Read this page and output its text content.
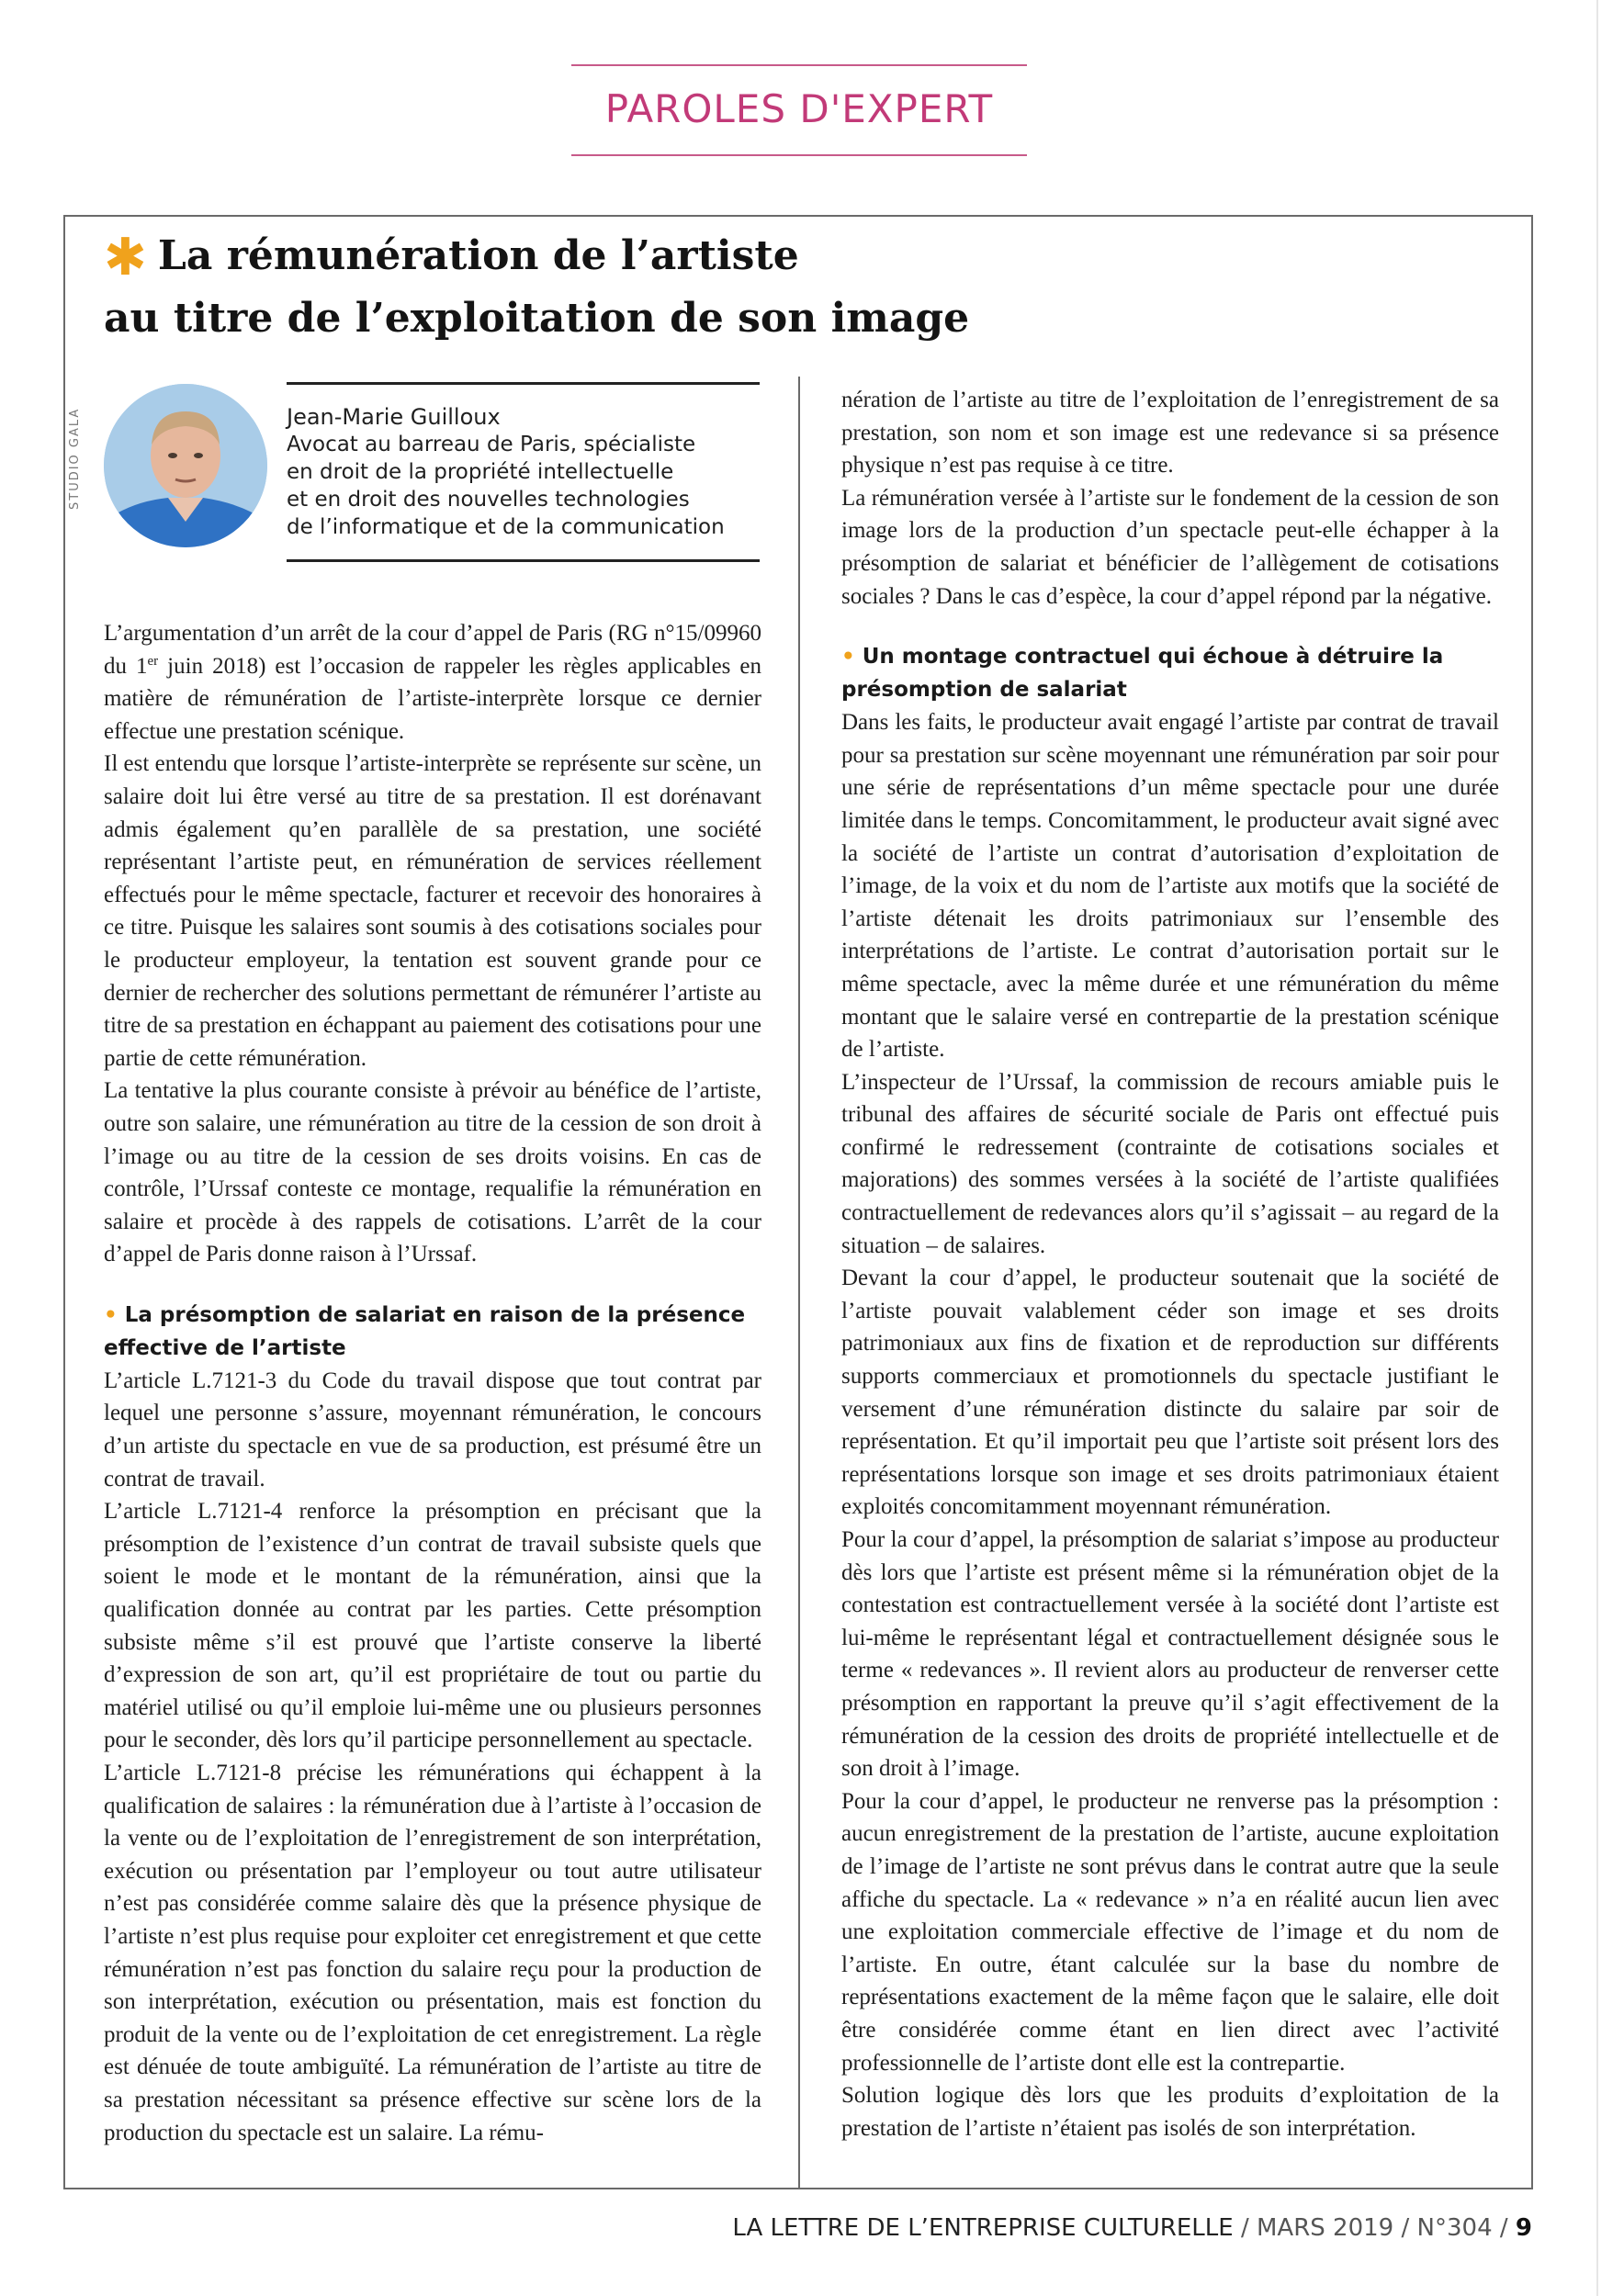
PAROLES D'EXPERT
✱ La rémunération de l’artiste
au titre de l’exploitation de son image
STUDIO GALA	Jean-Marie Guilloux
Avocat au barreau de Paris, spécialiste
en droit de la propriété intellectuelle
et en droit des nouvelles technologies
de l’informatique et de la communication

L’argumentation d’un arrêt de la cour d’appel de Paris (RG n°15/09960 du 1er juin 2018) est l’occasion de rappeler les règles applicables en matière de rémunération de l’artiste-interprète lorsque ce dernier effectue une prestation scénique.

Il est entendu que lorsque l’artiste-interprète se représente sur scène, un salaire doit lui être versé au titre de sa prestation. Il est dorénavant admis également qu’en parallèle de sa prestation, une société représentant l’artiste peut, en rémunération de services réellement effectués pour le même spectacle, facturer et recevoir des honoraires à ce titre. Puisque les salaires sont soumis à des cotisations sociales pour le producteur employeur, la tentation est souvent grande pour ce dernier de rechercher des solutions permettant de rémunérer l’artiste au titre de sa prestation en échappant au paiement des cotisations pour une partie de cette rémunération.

La tentative la plus courante consiste à prévoir au bénéfice de l’artiste, outre son salaire, une rémunération au titre de la cession de son droit à l’image ou au titre de la cession de ses droits voisins. En cas de contrôle, l’Urssaf conteste ce montage, requalifie la rémunération en salaire et procède à des rappels de cotisations. L’arrêt de la cour d’appel de Paris donne raison à l’Urssaf.

• La présomption de salariat en raison de la présence effective de l’artiste

L’article L.7121-3 du Code du travail dispose que tout contrat par lequel une personne s’assure, moyennant rémunération, le concours d’un artiste du spectacle en vue de sa production, est présumé être un contrat de travail.

L’article L.7121-4 renforce la présomption en précisant que la présomption de l’existence d’un contrat de travail subsiste quels que soient le mode et le montant de la rémunération, ainsi que la qualification donnée au contrat par les parties. Cette présomption subsiste même s’il est prouvé que l’artiste conserve la liberté d’expression de son art, qu’il est propriétaire de tout ou partie du matériel utilisé ou qu’il emploie lui-même une ou plusieurs personnes pour le seconder, dès lors qu’il participe personnellement au spectacle.

L’article L.7121-8 précise les rémunérations qui échappent à la qualification de salaires : la rémunération due à l’artiste à l’occasion de la vente ou de l’exploitation de l’enregistrement de son interprétation, exécution ou présentation par l’employeur ou tout autre utilisateur n’est pas considérée comme salaire dès que la présence physique de l’artiste n’est plus requise pour exploiter cet enregistrement et que cette rémunération n’est pas fonction du salaire reçu pour la production de son interprétation, exécution ou présentation, mais est fonction du produit de la vente ou de l’exploitation de cet enregistrement. La règle est dénuée de toute ambiguïté. La rémunération de l’artiste au titre de sa prestation nécessitant sa présence effective sur scène lors de la production du spectacle est un salaire. La rému-

nération de l’artiste au titre de l’exploitation de l’enregistrement de sa prestation, son nom et son image est une redevance si sa présence physique n’est pas requise à ce titre.

La rémunération versée à l’artiste sur le fondement de la cession de son image lors de la production d’un spectacle peut-elle échapper à la présomption de salariat et bénéficier de l’allègement de cotisations sociales ? Dans le cas d’espèce, la cour d’appel répond par la négative.

• Un montage contractuel qui échoue à détruire la présomption de salariat

Dans les faits, le producteur avait engagé l’artiste par contrat de travail pour sa prestation sur scène moyennant une rémunération par soir pour une série de représentations d’un même spectacle pour une durée limitée dans le temps. Concomitamment, le producteur avait signé avec la société de l’artiste un contrat d’autorisation d’exploitation de l’image, de la voix et du nom de l’artiste aux motifs que la société de l’artiste détenait les droits patrimoniaux sur l’ensemble des interprétations de l’artiste. Le contrat d’autorisation portait sur le même spectacle, avec la même durée et une rémunération du même montant que le salaire versé en contrepartie de la prestation scénique de l’artiste.

L’inspecteur de l’Urssaf, la commission de recours amiable puis le tribunal des affaires de sécurité sociale de Paris ont effectué puis confirmé le redressement (contrainte de cotisations sociales et majorations) des sommes versées à la société de l’artiste qualifiées contractuellement de redevances alors qu’il s’agissait – au regard de la situation – de salaires.

Devant la cour d’appel, le producteur soutenait que la société de l’artiste pouvait valablement céder son image et ses droits patrimoniaux aux fins de fixation et de reproduction sur différents supports commerciaux et promotionnels du spectacle justifiant le versement d’une rémunération distincte du salaire par soir de représentation. Et qu’il importait peu que l’artiste soit présent lors des représentations lorsque son image et ses droits patrimoniaux étaient exploités concomitamment moyennant rémunération.

Pour la cour d’appel, la présomption de salariat s’impose au producteur dès lors que l’artiste est présent même si la rémunération objet de la contestation est contractuellement versée à la société dont l’artiste est lui-même le représentant légal et contractuellement désignée sous le terme « redevances ». Il revient alors au producteur de renverser cette présomption en rapportant la preuve qu’il s’agit effectivement de la rémunération de la cession des droits de propriété intellectuelle et de son droit à l’image.

Pour la cour d’appel, le producteur ne renverse pas la présomption : aucun enregistrement de la prestation de l’artiste, aucune exploitation de l’image de l’artiste ne sont prévus dans le contrat autre que la seule affiche du spectacle. La « redevance » n’a en réalité aucun lien avec une exploitation commerciale effective de l’image et du nom de l’artiste. En outre, étant calculée sur la base du nombre de représentations exactement de la même façon que le salaire, elle doit être considérée comme étant en lien direct avec l’activité professionnelle de l’artiste dont elle est la contrepartie.

Solution logique dès lors que les produits d’exploitation de la prestation de l’artiste n’étaient pas isolés de son interprétation.

LA LETTRE DE L’ENTREPRISE CULTURELLE / MARS 2019 / N°304 / 9
